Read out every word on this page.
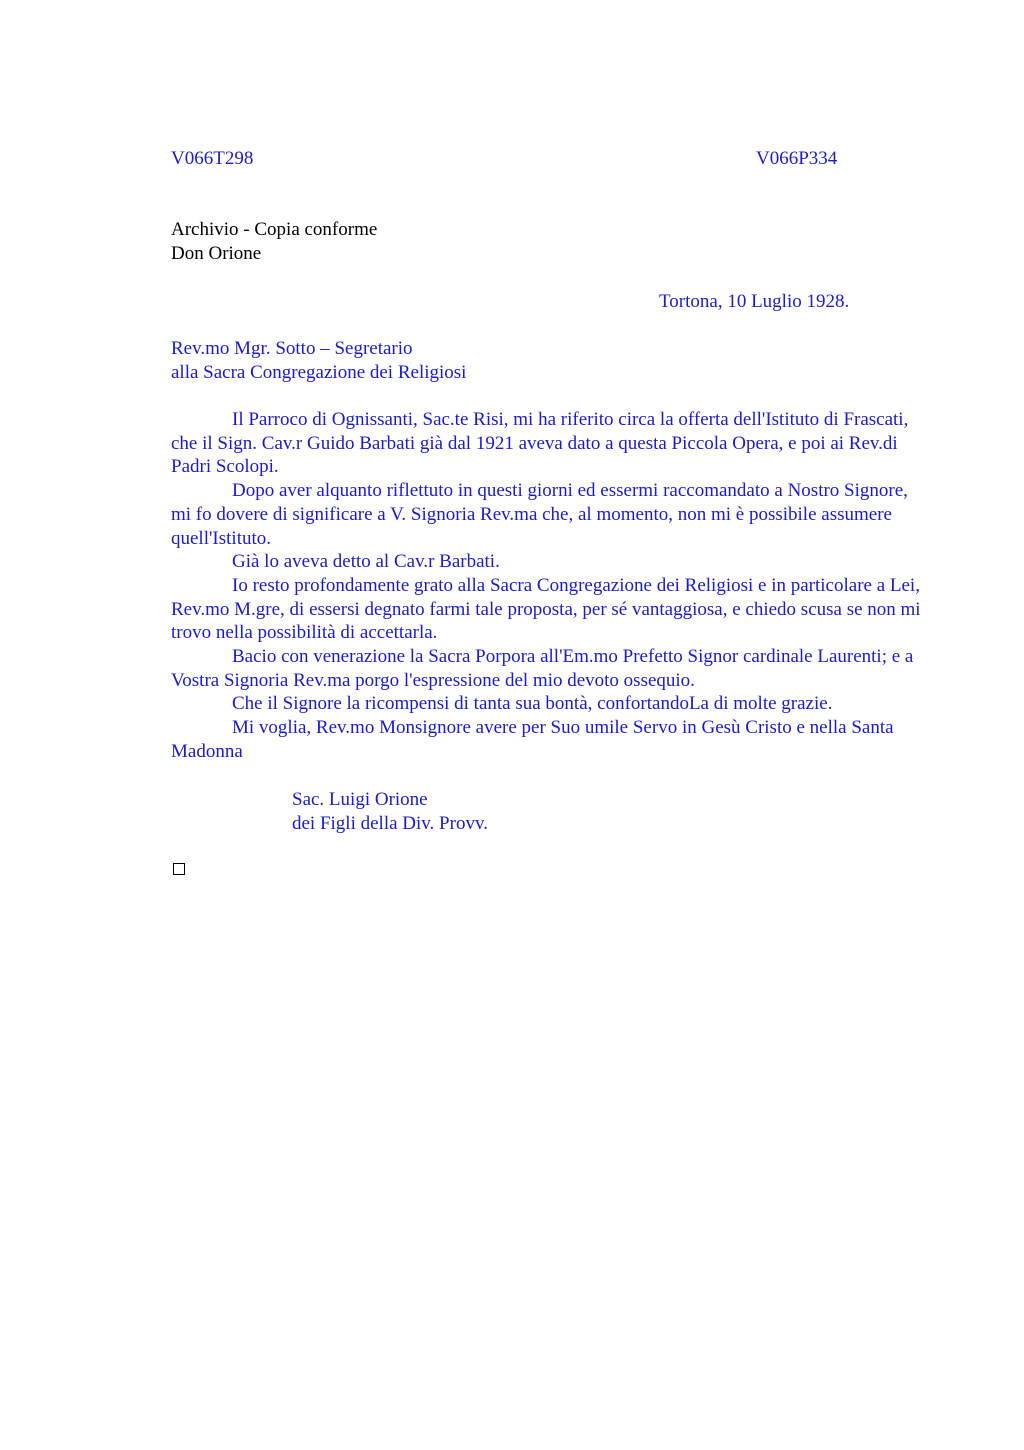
V066T298	V066P334
Archivio - Copia conforme
Don Orione
Tortona, 10 Luglio 1928.
Rev.mo Mgr. Sotto – Segretario
alla Sacra Congregazione dei Religiosi

Il Parroco di Ognissanti, Sac.te Risi, mi ha riferito circa la offerta dell'Istituto di Frascati, che il Sign. Cav.r Guido Barbati già dal 1921 aveva dato a questa Piccola Opera, e poi ai Rev.di Padri Scolopi.

Dopo aver alquanto riflettuto in questi giorni ed essermi raccomandato a Nostro Signore, mi fo dovere di significare a V. Signoria Rev.ma che, al momento, non mi è possibile assumere quell'Istituto.

Già lo aveva detto al Cav.r Barbati.

Io resto profondamente grato alla Sacra Congregazione dei Religiosi e in particolare a Lei, Rev.mo M.gre, di essersi degnato farmi tale proposta, per sé vantaggiosa, e chiedo scusa se non mi trovo nella possibilità di accettarla.

Bacio con venerazione la Sacra Porpora all'Em.mo Prefetto Signor cardinale Laurenti; e a Vostra Signoria Rev.ma porgo l'espressione del mio devoto ossequio.

Che il Signore la ricompensi di tanta sua bontà, confortandoLa di molte grazie.

Mi voglia, Rev.mo Monsignore avere per Suo umile Servo in Gesù Cristo e nella Santa Madonna

Sac. Luigi Orione
dei Figli della Div. Provv.
